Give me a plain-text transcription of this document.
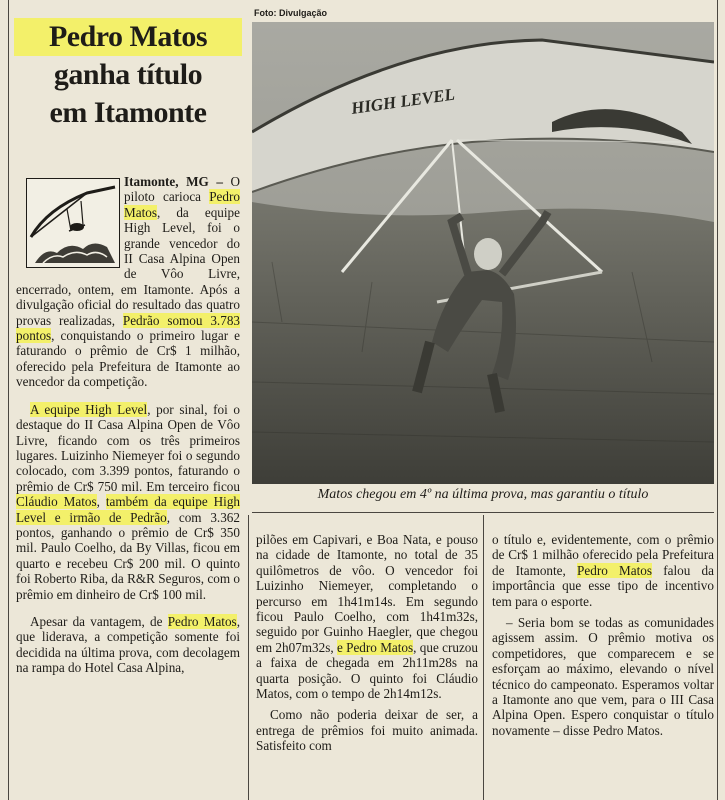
Pedro Matos
ganha título
em Itamonte

Itamonte, MG – O piloto carioca Pedro Matos, da equipe High Level, foi o grande vencedor do II Casa Alpina Open de Vôo Livre, encerrado, ontem, em Itamonte. Após a divulgação oficial do resultado das quatro provas realizadas, Pedrão somou 3.783 pontos, conquistando o primeiro lugar e faturando o prêmio de Cr$ 1 milhão, oferecido pela Prefeitura de Itamonte ao vencedor da competição.

A equipe High Level, por sinal, foi o destaque do II Casa Alpina Open de Vôo Livre, ficando com os três primeiros lugares. Luizinho Niemeyer foi o segundo colocado, com 3.399 pontos, faturando o prêmio de Cr$ 750 mil. Em terceiro ficou Cláudio Matos, também da equipe High Level e irmão de Pedrão, com 3.362 pontos, ganhando o prêmio de Cr$ 350 mil. Paulo Coelho, da By Villas, ficou em quarto e recebeu Cr$ 200 mil. O quinto foi Roberto Riba, da R&R Seguros, com o prêmio em dinheiro de Cr$ 100 mil.

Apesar da vantagem, de Pedro Matos, que liderava, a competição somente foi decidida na última prova, com decolagem na rampa do Hotel Casa Alpina,

Foto: Divulgação
HIGH LEVEL
Matos chegou em 4º na última prova, mas garantiu o título

pilões em Capivari, e Boa Nata, e pouso na cidade de Itamonte, no total de 35 quilômetros de vôo. O vencedor foi Luizinho Niemeyer, completando o percurso em 1h41m14s. Em segundo ficou Paulo Coelho, com 1h41m32s, seguido por Guinho Haegler, que chegou em 2h07m32s, e Pedro Matos, que cruzou a faixa de chegada em 2h11m28s na quarta posição. O quinto foi Cláudio Matos, com o tempo de 2h14m12s.

Como não poderia deixar de ser, a entrega de prêmios foi muito animada. Satisfeito com

o título e, evidentemente, com o prêmio de Cr$ 1 milhão oferecido pela Prefeitura de Itamonte, Pedro Matos falou da importância que esse tipo de incentivo tem para o esporte.

– Seria bom se todas as comunidades agissem assim. O prêmio motiva os competidores, que comparecem e se esforçam ao máximo, elevando o nível técnico do campeonato. Esperamos voltar a Itamonte ano que vem, para o III Casa Alpina Open. Espero conquistar o título novamente – disse Pedro Matos.
